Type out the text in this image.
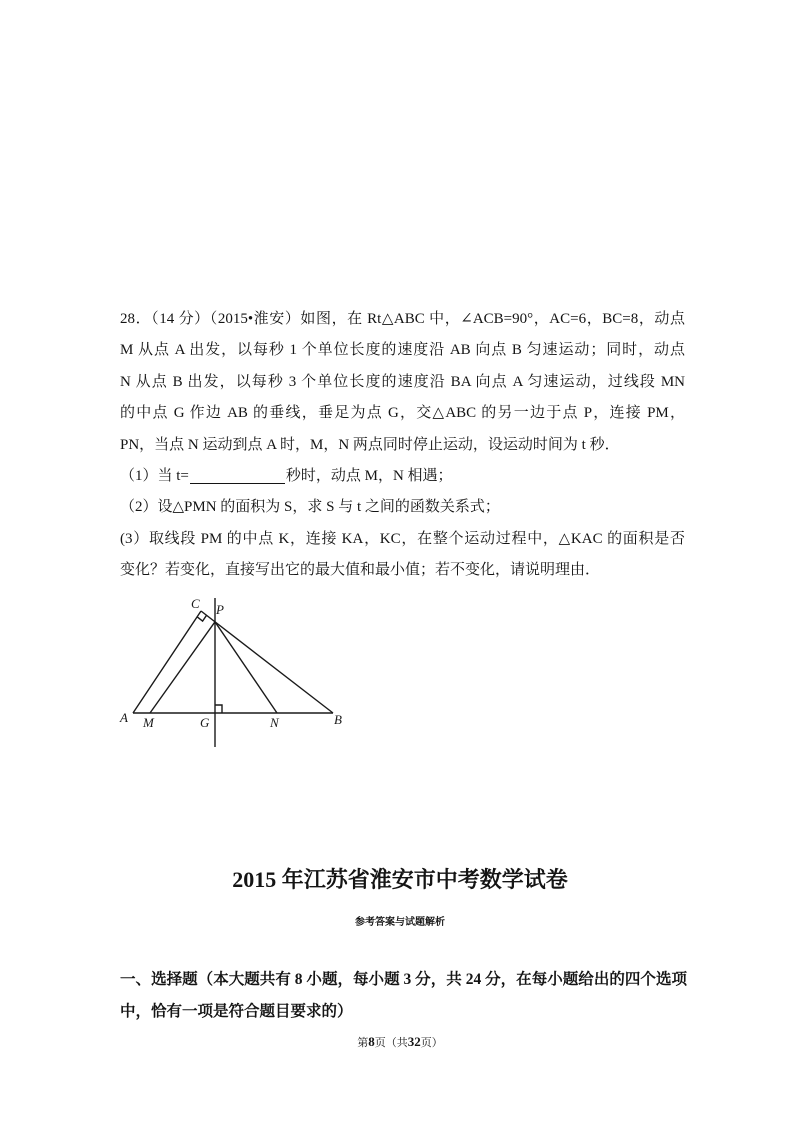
28．（14 分）（2015•淮安）如图，在 Rt△ABC 中，∠ACB=90°，AC=6，BC=8，动点
M 从点 A 出发，以每秒 1 个单位长度的速度沿 AB 向点 B 匀速运动；同时，动点
N 从点 B 出发，以每秒 3 个单位长度的速度沿 BA 向点 A 匀速运动，过线段 MN
的中点 G 作边 AB 的垂线，垂足为点 G，交△ABC 的另一边于点 P，连接 PM，
PN，当点 N 运动到点 A 时，M，N 两点同时停止运动，设运动时间为 t 秒．
（1）当 t=	秒时，动点 M，N 相遇；
（2）设△PMN 的面积为 S，求 S 与 t 之间的函数关系式；
(3）取线段 PM 的中点 K，连接 KA，KC，在整个运动过程中，△KAC 的面积是否
变化？若变化，直接写出它的最大值和最小值；若不变化，请说明理由．
C P
A M	G	N	B
2015 年江苏省淮安市中考数学试卷
参考答案与试题解析
一、选择题（本大题共有 8 小题，每小题 3 分，共 24 分，在每小题给出的四个选项
中，恰有一项是符合题目要求的）
第8页（共32页）
